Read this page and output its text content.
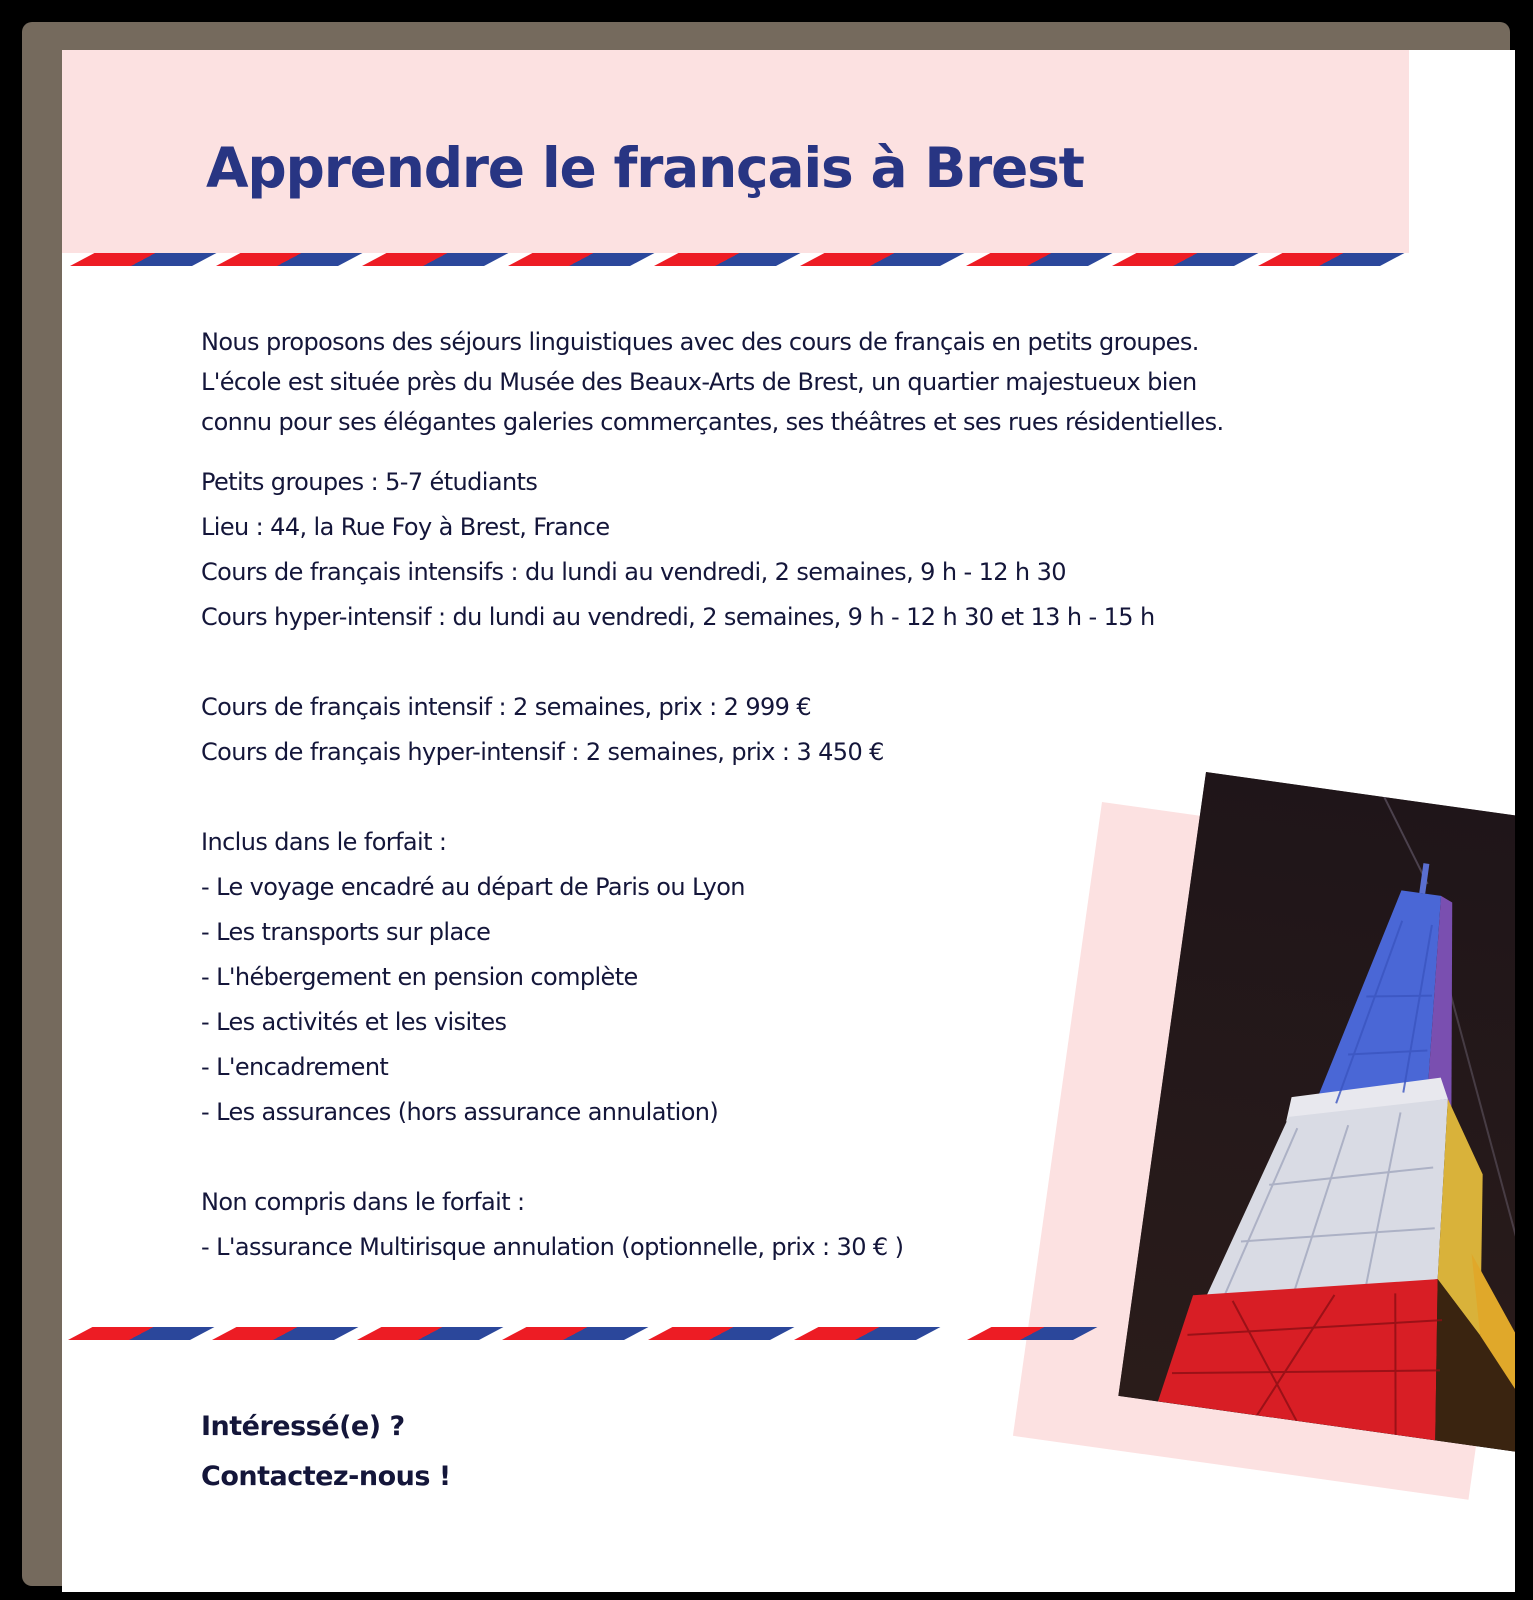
Apprendre le français à Brest
Nous proposons des séjours linguistiques avec des cours de français en petits groupes.
L'école est située près du Musée des Beaux-Arts de Brest, un quartier majestueux bien
connu pour ses élégantes galeries commerçantes, ses théâtres et ses rues résidentielles.
Petits groupes : 5-7 étudiants
Lieu : 44, la Rue Foy à Brest, France
Cours de français intensifs : du lundi au vendredi, 2 semaines, 9 h - 12 h 30
Cours hyper-intensif : du lundi au vendredi, 2 semaines, 9 h - 12 h 30 et 13 h - 15 h
Cours de français intensif : 2 semaines, prix : 2 999 €
Cours de français hyper-intensif : 2 semaines, prix : 3 450 €
Inclus dans le forfait :
- Le voyage encadré au départ de Paris ou Lyon
- Les transports sur place
- L'hébergement en pension complète
- Les activités et les visites
- L'encadrement
- Les assurances (hors assurance annulation)
Non compris dans le forfait :
- L'assurance Multirisque annulation (optionnelle, prix : 30 € )
Intéressé(e) ?
Contactez-nous !
